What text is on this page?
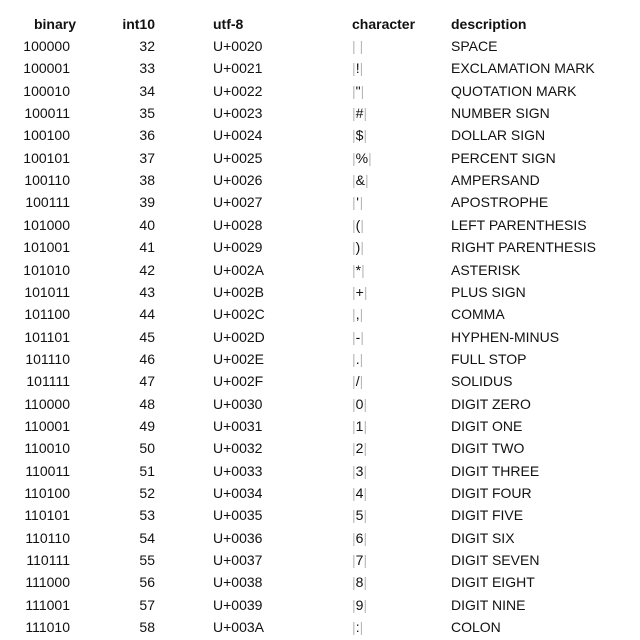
binary	int10	utf-8	character	description
100000	32	U+0020	| |	SPACE
100001	33	U+0021	|!|	EXCLAMATION MARK
100010	34	U+0022	|"|	QUOTATION MARK
100011	35	U+0023	|#|	NUMBER SIGN
100100	36	U+0024	|$|	DOLLAR SIGN
100101	37	U+0025	|%|	PERCENT SIGN
100110	38	U+0026	|&|	AMPERSAND
100111	39	U+0027	|'|	APOSTROPHE
101000	40	U+0028	|(|	LEFT PARENTHESIS
101001	41	U+0029	|)|	RIGHT PARENTHESIS
101010	42	U+002A	|*|	ASTERISK
101011	43	U+002B	|+|	PLUS SIGN
101100	44	U+002C	|,|	COMMA
101101	45	U+002D	|-|	HYPHEN-MINUS
101110	46	U+002E	|.|	FULL STOP
101111	47	U+002F	|/|	SOLIDUS
110000	48	U+0030	|0|	DIGIT ZERO
110001	49	U+0031	|1|	DIGIT ONE
110010	50	U+0032	|2|	DIGIT TWO
110011	51	U+0033	|3|	DIGIT THREE
110100	52	U+0034	|4|	DIGIT FOUR
110101	53	U+0035	|5|	DIGIT FIVE
110110	54	U+0036	|6|	DIGIT SIX
110111	55	U+0037	|7|	DIGIT SEVEN
111000	56	U+0038	|8|	DIGIT EIGHT
111001	57	U+0039	|9|	DIGIT NINE
111010	58	U+003A	|:|	COLON
